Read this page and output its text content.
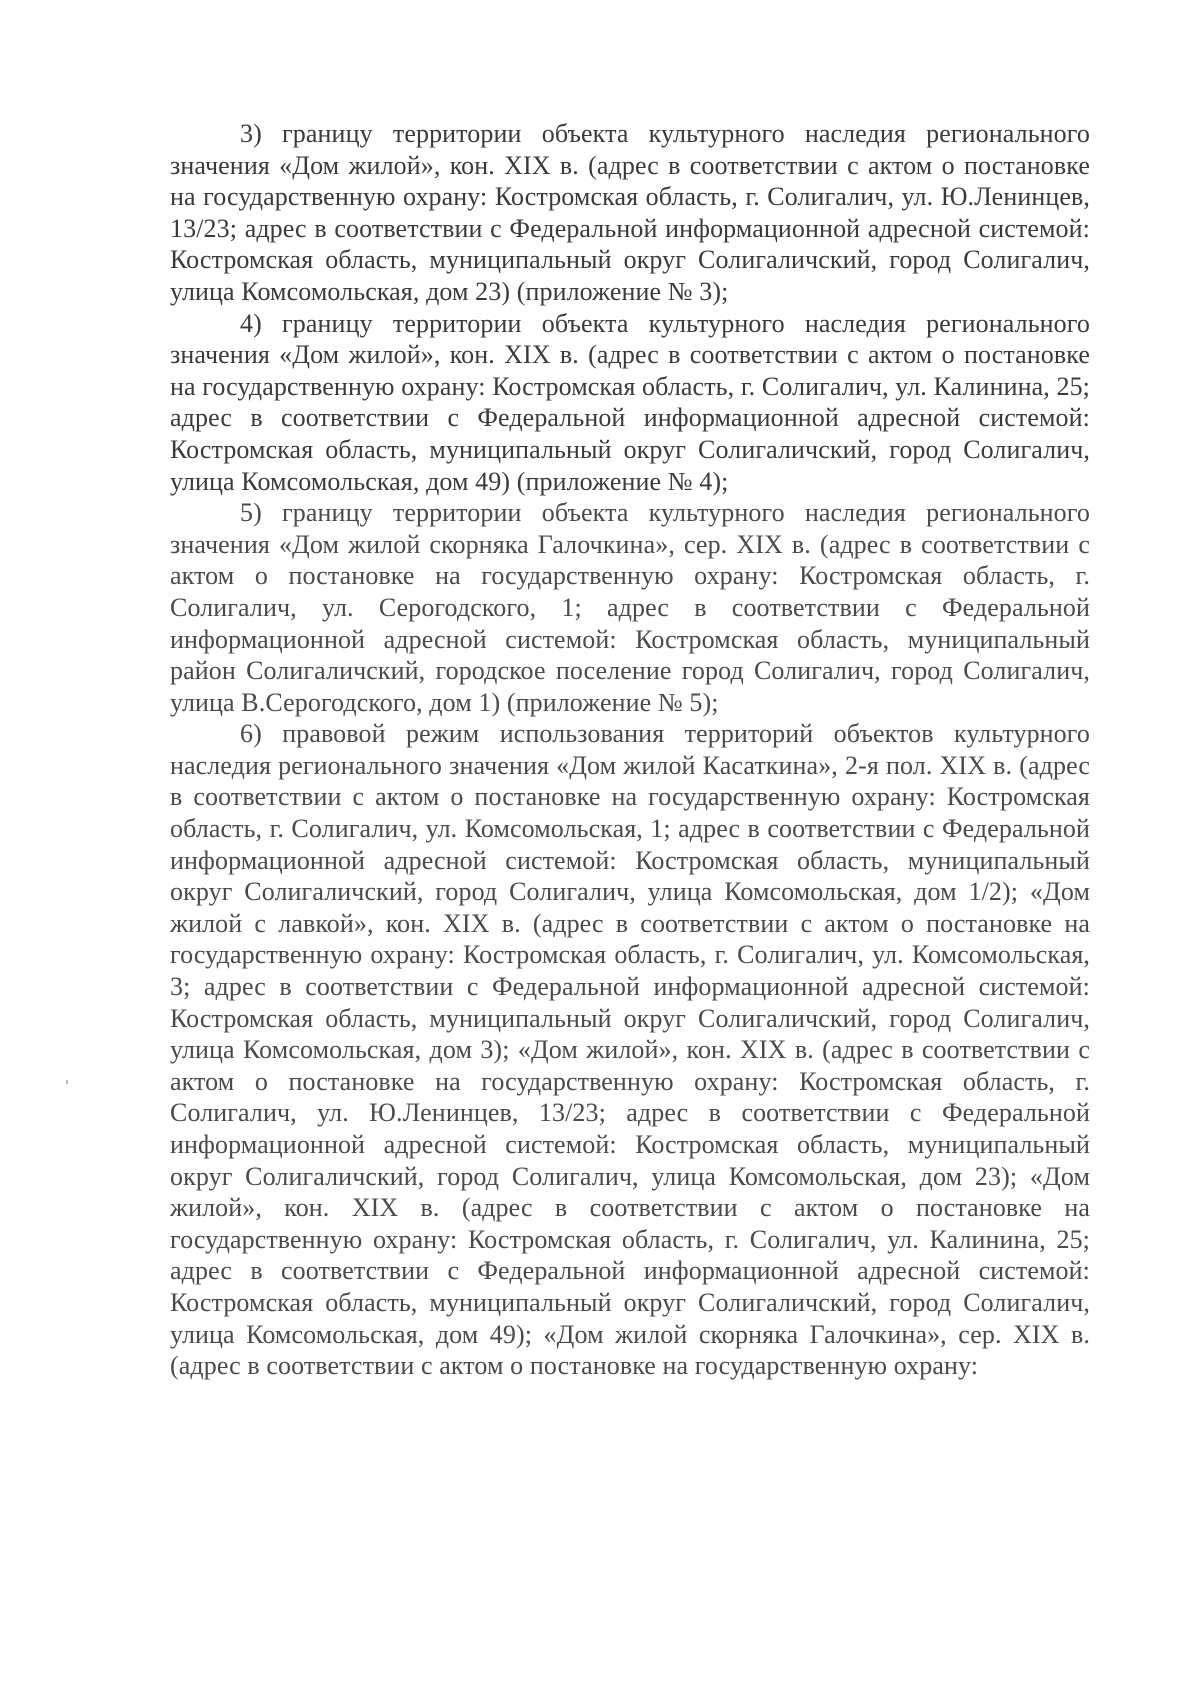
3) границу территории объекта культурного наследия регионального значения «Дом жилой», кон. XIX в. (адрес в соответствии с актом о постановке на государственную охрану: Костромская область, г. Солигалич, ул. Ю.Ленинцев, 13/23; адрес в соответствии с Федеральной информационной адресной системой: Костромская область, муниципальный округ Солигаличский, город Солигалич, улица Комсомольская, дом 23) (приложение № 3);

4) границу территории объекта культурного наследия регионального значения «Дом жилой», кон. XIX в. (адрес в соответствии с актом о постановке на государственную охрану: Костромская область, г. Солигалич, ул. Калинина, 25; адрес в соответствии с Федеральной информационной адресной системой: Костромская область, муниципальный округ Солигаличский, город Солигалич, улица Комсомольская, дом 49) (приложение № 4);

5) границу территории объекта культурного наследия регионального значения «Дом жилой скорняка Галочкина», сер. XIX в. (адрес в соответствии с актом о постановке на государственную охрану: Костромская область, г. Солигалич, ул. Серогодского, 1; адрес в соответствии с Федеральной информационной адресной системой: Костромская область, муниципальный район Солигаличский, городское поселение город Солигалич, город Солигалич, улица В.Серогодского, дом 1) (приложение № 5);

6) правовой режим использования территорий объектов культурного наследия регионального значения «Дом жилой Касаткина», 2-я пол. XIX в. (адрес в соответствии с актом о постановке на государственную охрану: Костромская область, г. Солигалич, ул. Комсомольская, 1; адрес в соответствии с Федеральной информационной адресной системой: Костромская область, муниципальный округ Солигаличский, город Солигалич, улица Комсомольская, дом 1/2); «Дом жилой с лавкой», кон. XIX в. (адрес в соответствии с актом о постановке на государственную охрану: Костромская область, г. Солигалич, ул. Комсомольская, 3; адрес в соответствии с Федеральной информационной адресной системой: Костромская область, муниципальный округ Солигаличский, город Солигалич, улица Комсомольская, дом 3); «Дом жилой», кон. XIX в. (адрес в соответствии с актом о постановке на государственную охрану: Костромская область, г. Солигалич, ул. Ю.Ленинцев, 13/23; адрес в соответствии с Федеральной информационной адресной системой: Костромская область, муниципальный округ Солигаличский, город Солигалич, улица Комсомольская, дом 23); «Дом жилой», кон. XIX в. (адрес в соответствии с актом о постановке на государственную охрану: Костромская область, г. Солигалич, ул. Калинина, 25; адрес в соответствии с Федеральной информационной адресной системой: Костромская область, муниципальный округ Солигаличский, город Солигалич, улица Комсомольская, дом 49); «Дом жилой скорняка Галочкина», сер. XIX в. (адрес в соответствии с актом о постановке на государственную охрану:
